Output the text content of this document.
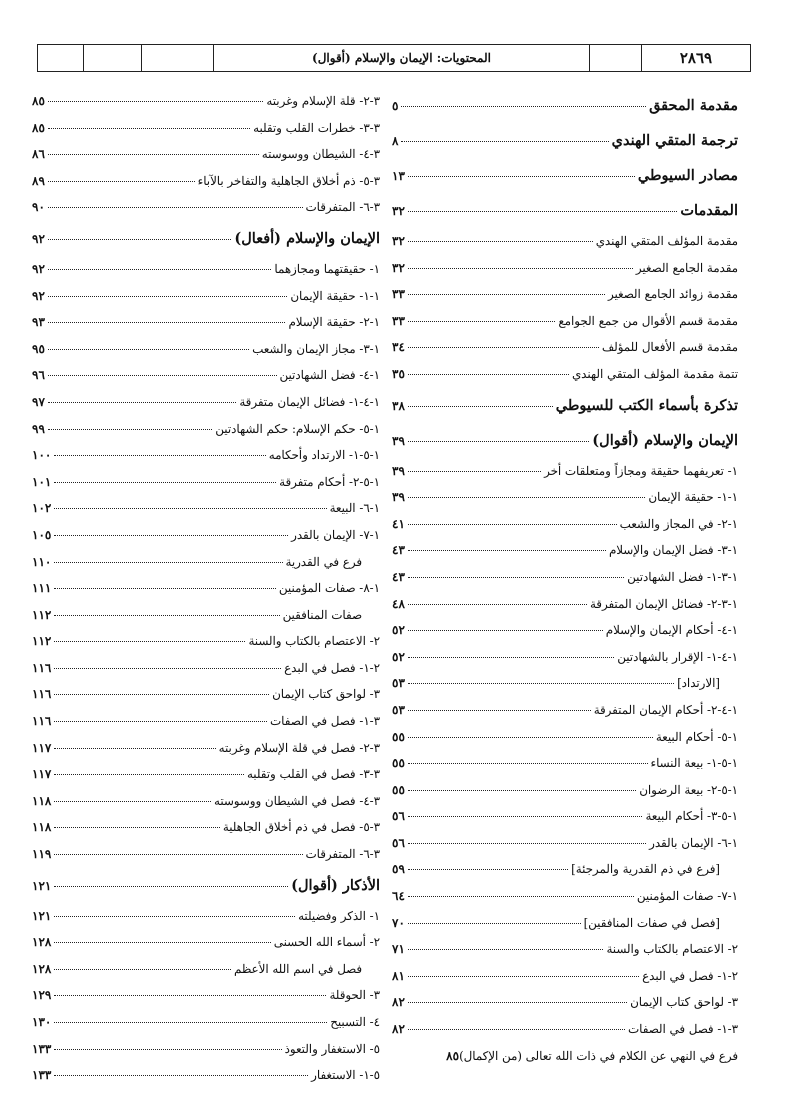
المحتويات: الإيمان والإسلام (أقوال)	٢٨٦٩
مقدمة المحقق
٥
ترجمة المتقي الهندي
٨
مصادر السيوطي
١٣
المقدمات
٣٢
مقدمة المؤلف المتقي الهندي
٣٢
مقدمة الجامع الصغير
٣٢
مقدمة زوائد الجامع الصغير
٣٣
مقدمة قسم الأقوال من جمع الجوامع
٣٣
مقدمة قسم الأفعال للمؤلف
٣٤
تتمة مقدمة المؤلف المتقي الهندي
٣٥
تذكرة بأسماء الكتب للسيوطي
٣٨
الإيمان والإسلام (أقوال)
٣٩
١- تعريفهما حقيقة ومجازاً ومتعلقات أخر
٣٩
١-١- حقيقة الإيمان
٣٩
١-٢- في المجاز والشعب
٤١
١-٣- فضل الإيمان والإسلام
٤٣
١-٣-١- فضل الشهادتين
٤٣
١-٣-٢- فضائل الإيمان المتفرقة
٤٨
١-٤- أحكام الإيمان والإسلام
٥٢
١-٤-١- الإقرار بالشهادتين
٥٢
[الارتداد]
٥٣
١-٤-٢- أحكام الإيمان المتفرقة
٥٣
١-٥- أحكام البيعة
٥٥
١-٥-١- بيعة النساء
٥٥
١-٥-٢- بيعة الرضوان
٥٥
١-٥-٣- أحكام البيعة
٥٦
١-٦- الإيمان بالقدر
٥٦
[فرع في ذم القدرية والمرجئة]
٥٩
١-٧- صفات المؤمنين
٦٤
[فصل في صفات المنافقين]
٧٠
٢- الاعتصام بالكتاب والسنة
٧١
٢-١- فصل في البدع
٨١
٣- لواحق كتاب الإيمان
٨٢
٣-١- فصل في الصفات
٨٢
فرع في النهي عن الكلام في ذات الله تعالى (من الإكمال)
٨٥
٣-٢- قلة الإسلام وغربته
٨٥
٣-٣- خطرات القلب وتقلبه
٨٥
٣-٤- الشيطان ووسوسته
٨٦
٣-٥- ذم أخلاق الجاهلية والتفاخر بالآباء
٨٩
٣-٦- المتفرقات
٩٠
الإيمان والإسلام (أفعال)
٩٢
١- حقيقتهما ومجازهما
٩٢
١-١- حقيقة الإيمان
٩٢
١-٢- حقيقة الإسلام
٩٣
١-٣- مجاز الإيمان والشعب
٩٥
١-٤- فضل الشهادتين
٩٦
١-٤-١- فضائل الإيمان متفرقة
٩٧
١-٥- حكم الإسلام: حكم الشهادتين
٩٩
١-٥-١- الارتداد وأحكامه
١٠٠
١-٥-٢- أحكام متفرقة
١٠١
١-٦- البيعة
١٠٢
١-٧- الإيمان بالقدر
١٠٥
فرع في القدرية
١١٠
١-٨- صفات المؤمنين
١١١
صفات المنافقين
١١٢
٢- الاعتصام بالكتاب والسنة
١١٢
٢-١- فصل في البدع
١١٦
٣- لواحق كتاب الإيمان
١١٦
٣-١- فصل في الصفات
١١٦
٣-٢- فصل في قلة الإسلام وغربته
١١٧
٣-٣- فصل في القلب وتقلبه
١١٧
٣-٤- فصل في الشيطان ووسوسته
١١٨
٣-٥- فصل في ذم أخلاق الجاهلية
١١٨
٣-٦- المتفرقات
١١٩
الأذكار (أقوال)
١٢١
١- الذكر وفضيلته
١٢١
٢- أسماء الله الحسنى
١٢٨
فصل في اسم الله الأعظم
١٢٨
٣- الحوقلة
١٢٩
٤- التسبيح
١٣٠
٥- الاستغفار والتعوذ
١٣٣
٥-١- الاستغفار
١٣٣
